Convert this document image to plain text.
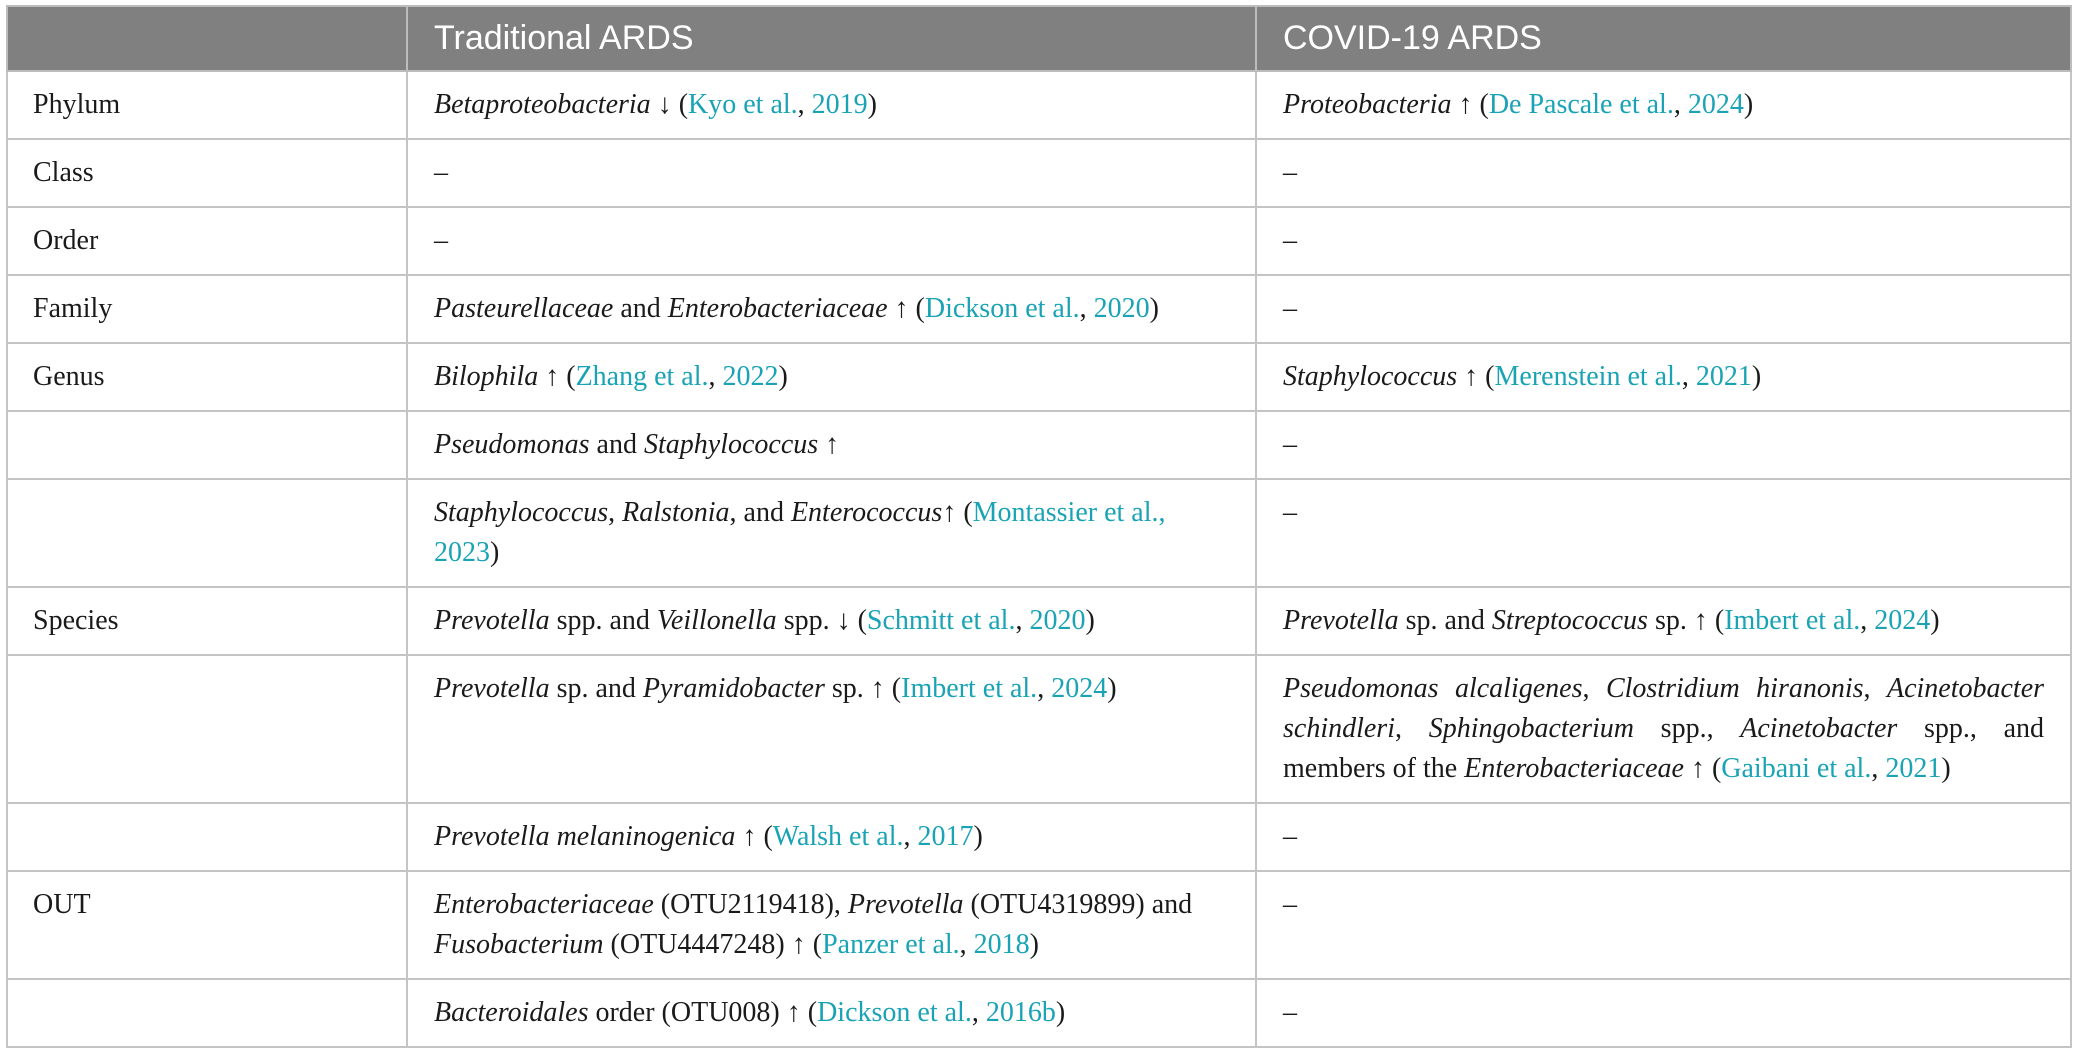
	Traditional ARDS	COVID-19 ARDS
Phylum	Betaproteobacteria ↓ (Kyo et al., 2019)	Proteobacteria ↑ (De Pascale et al., 2024)
Class	–	–
Order	–	–
Family	Pasteurellaceae and Enterobacteriaceae ↑ (Dickson et al., 2020)	–
Genus	Bilophila ↑ (Zhang et al., 2022)	Staphylococcus ↑ (Merenstein et al., 2021)
	Pseudomonas and Staphylococcus ↑	–
	Staphylococcus, Ralstonia, and Enterococcus↑ (Montassier et al., 2023)	–
Species	Prevotella spp. and Veillonella spp. ↓ (Schmitt et al., 2020)	Prevotella sp. and Streptococcus sp. ↑ (Imbert et al., 2024)
	Prevotella sp. and Pyramidobacter sp. ↑ (Imbert et al., 2024)	Pseudomonas alcaligenes, Clostridium hiranonis, Acinetobacter schindleri, Sphingobacterium spp., Acinetobacter spp., and members of the Enterobacteriaceae ↑ (Gaibani et al., 2021)
	Prevotella melaninogenica ↑ (Walsh et al., 2017)	–
OUT	Enterobacteriaceae (OTU2119418), Prevotella (OTU4319899) and Fusobacterium (OTU4447248) ↑ (Panzer et al., 2018)	–
	Bacteroidales order (OTU008) ↑ (Dickson et al., 2016b)	–
